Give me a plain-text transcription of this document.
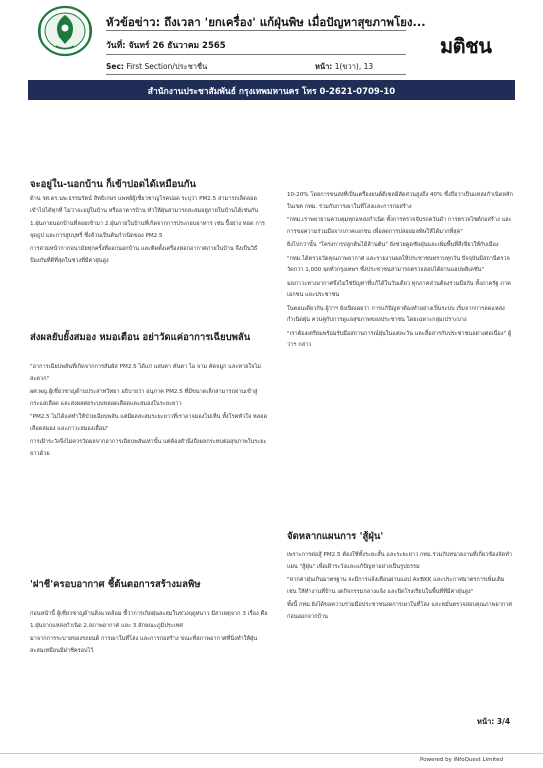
หัวข้อข่าว: ถึงเวลา 'ยกเครื่อง' แก้ฝุ่นพิษ เมื่อปัญหาสุขภาพโยง...
วันที่: จันทร์ 26 ธันวาคม 2565
Sec: First Section/ประชาชื่น	หน้า: 1(ขวา), 13
มติชน
สำนักงานประชาสัมพันธ์ กรุงเทพมหานคร โทร 0-2621-0709-10
จะอยู่ใน-นอกบ้าน ก็เข้าปอดได้เหมือนกัน

ด้าน รศ.ดร.นพ.ธรรมรัตน์ สิทธิเกษร แพทย์ผู้เชี่ยวชาญโรคปอด ระบุว่า PM2.5 สามารถเล็ดลอดเข้าไปได้ทุกที่ ไม่ว่าจะอยู่ในบ้าน หรืออาคารบ้าน ทำให้ฝุ่นสามารถสะสมอยู่ภายในบ้านได้เช่นกัน

1.ฝุ่นภายนอกบ้านที่ลอยเข้ามา 2.ฝุ่นภายในบ้านที่เกิดจากการประกอบอาหาร เช่น ปิ้งย่าง ทอด การจุดธูป และการสูบบุหรี่ ซึ่งล้วนเป็นต้นกำเนิดของ PM2.5

การสวมหน้ากากอนามัยทุกครั้งที่ออกนอกบ้าน และติดตั้งเครื่องฟอกอากาศภายในบ้าน จึงเป็นวิธีป้องกันที่ดีที่สุดในช่วงที่มีค่าฝุ่นสูง

ส่งผลยับยั้งสมอง หมอเตือน อย่าวัดแค่อาการเฉียบพลัน

"อาการเฉียบพลันที่เกิดจากการสัมผัส PM2.5 ได้แก่ แสบตา คันตา ไอ จาม คัดจมูก และหายใจไม่สะดวก"

ผศ.พญ.ผู้เชี่ยวชาญด้านประสาทวิทยา อธิบายว่า อนุภาค PM2.5 ที่มีขนาดเล็กสามารถผ่านเข้าสู่กระแสเลือด และส่งผลต่อระบบหลอดเลือดและสมองในระยะยาว

"PM2.5 ไม่ได้แค่ทำให้ป่วยเฉียบพลัน แต่มีผลสะสมระยะยาวที่เราอาจมองไม่เห็น ทั้งโรคหัวใจ หลอดเลือดสมอง และภาวะสมองเสื่อม"

การเฝ้าระวังจึงไม่ควรวัดผลจากอาการเฉียบพลันเท่านั้น แต่ต้องคำนึงถึงผลกระทบต่อสุขภาพในระยะยาวด้วย

'ฝาชี'ครอบอากาศ ชี้ต้นตอการสร้างมลพิษ

ก่อนหน้านี้ ผู้เชี่ยวชาญด้านสิ่งแวดล้อม ชี้ว่าการเกิดฝุ่นสะสมในช่วงฤดูหนาว มีสาเหตุจาก 3 เรื่อง คือ 1.ฝุ่นจากแหล่งกำเนิด 2.สภาพอากาศ และ 3.ลักษณะภูมิประเทศ

มาจากการระบายของรถยนต์ การเผาในที่โล่ง และการก่อสร้าง ขณะที่สภาพอากาศที่นิ่งทำให้ฝุ่นสะสมเหมือนมีฝาชีครอบไว้

10-20% โดยการขนส่งที่เป็นเครื่องยนต์ดีเซลมีสัดส่วนสูงถึง 40% ซึ่งถือว่าเป็นแหล่งกำเนิดหลักในเขต กทม. ร่วมกับการเผาในที่โล่งและการก่อสร้าง

"กทม.เราพยายามควบคุมทุกแหล่งกำเนิด ทั้งการตรวจจับรถควันดำ การตรวจไซต์ก่อสร้าง และการขอความร่วมมือจากภาคเอกชน เพื่อลดการปล่อยมลพิษให้ได้มากที่สุด"

ยิ่งไปกว่านั้น "โครงการปลูกต้นไม้ล้านต้น" ยังช่วยดูดซับฝุ่นและเพิ่มพื้นที่สีเขียวให้กับเมือง

"กทม.ได้ตรวจวัดคุณภาพอากาศ และรายงานผลให้ประชาชนทราบทุกวัน ปัจจุบันมีสถานีตรวจวัดกว่า 1,000 จุดทั่วกรุงเทพฯ ซึ่งประชาชนสามารถตรวจสอบได้ผ่านแอปพลิเคชัน"

มลภาวะทางอากาศจึงไม่ใช่ปัญหาที่แก้ได้ในวันเดียว ทุกภาคส่วนต้องร่วมมือกัน ทั้งภาครัฐ ภาคเอกชน และประชาชน

ในตอนเดียวกัน ผู้ว่าฯ ยังเปิดเผยว่า การแก้ปัญหาต้องทำอย่างเป็นระบบ เริ่มจากการลดแหล่งกำเนิดฝุ่น ควบคู่กับการดูแลสุขภาพของประชาชน โดยเฉพาะกลุ่มเปราะบาง

"เราต้องเตรียมพร้อมรับมือสถานการณ์ฝุ่นในแต่ละวัน และสื่อสารกับประชาชนอย่างต่อเนื่อง" ผู้ว่าฯ กล่าว

จัดหลากแผนการ 'สู้ฝุ่น'

เพราะการต่อสู้ PM2.5 ต้องใช้ทั้งระยะสั้น และระยะยาว กทม.ร่วมกับหน่วยงานที่เกี่ยวข้องจัดทำแผน "สู้ฝุ่น" เพื่อเฝ้าระวังและแก้ปัญหาอย่างเป็นรูปธรรม

"หากค่าฝุ่นเกินมาตรฐาน จะมีการแจ้งเตือนผ่านแอป AirBKK และประกาศมาตรการเพิ่มเติม เช่น ให้ทำงานที่บ้าน งดกิจกรรมกลางแจ้ง และปิดโรงเรียนในพื้นที่ที่มีค่าฝุ่นสูง"

ทั้งนี้ กทม.ยังได้ขอความร่วมมือประชาชนงดการเผาในที่โล่ง และหมั่นตรวจสอบคุณภาพอากาศก่อนออกจากบ้าน

หน้า: 3/4
Powered by iNfoQuest Limited
